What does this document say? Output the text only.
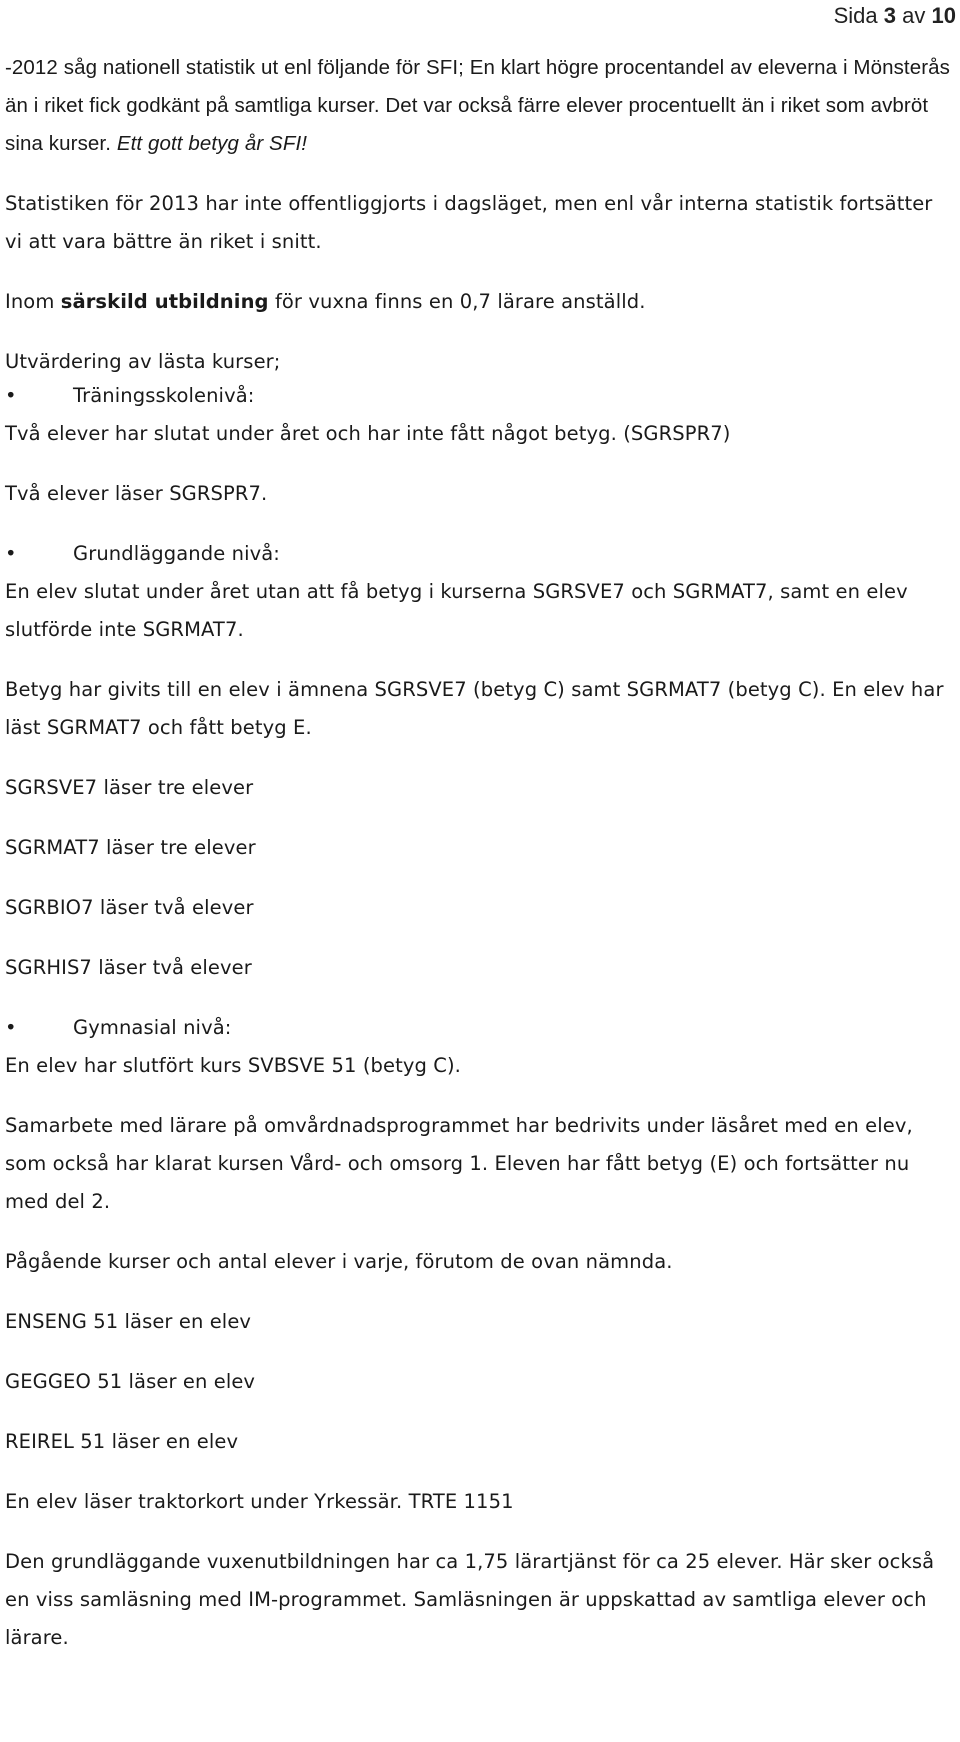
Sida 3 av 10

-2012 såg nationell statistik ut enl följande för SFI; En klart högre procentandel av eleverna i Mönsterås än i riket fick godkänt på samtliga kurser. Det var också färre elever procentuellt än i riket som avbröt sina kurser. Ett gott betyg år SFI!

Statistiken för 2013 har inte offentliggjorts i dagsläget, men enl vår interna statistik fortsätter vi att vara bättre än riket i snitt.

Inom särskild utbildning för vuxna finns en 0,7 lärare anställd.

Utvärdering av lästa kurser;

•	Träningsskolenivå:

Två elever har slutat under året och har inte fått något betyg. (SGRSPR7)

Två elever läser SGRSPR7.

•	Grundläggande nivå:

En elev slutat under året utan att få betyg i kurserna SGRSVE7 och SGRMAT7, samt en elev slutförde inte SGRMAT7.

Betyg har givits till en elev i ämnena SGRSVE7 (betyg C) samt SGRMAT7 (betyg C). En elev har läst SGRMAT7 och fått betyg E.

SGRSVE7 läser tre elever

SGRMAT7 läser tre elever

SGRBIO7 läser två elever

SGRHIS7 läser två elever

•	Gymnasial nivå:

En elev har slutfört kurs SVBSVE 51 (betyg C).

Samarbete med lärare på omvårdnadsprogrammet har bedrivits under läsåret med en elev, som också har klarat kursen Vård- och omsorg 1. Eleven har fått betyg (E) och fortsätter nu med del 2.

Pågående kurser och antal elever i varje, förutom de ovan nämnda.

ENSENG 51 läser en elev

GEGGEO 51 läser en elev

REIREL 51 läser en elev

En elev läser traktorkort under Yrkessär. TRTE 1151

Den grundläggande vuxenutbildningen har ca 1,75 lärartjänst för ca 25 elever. Här sker också en viss samläsning med IM-programmet. Samläsningen är uppskattad av samtliga elever och lärare.
